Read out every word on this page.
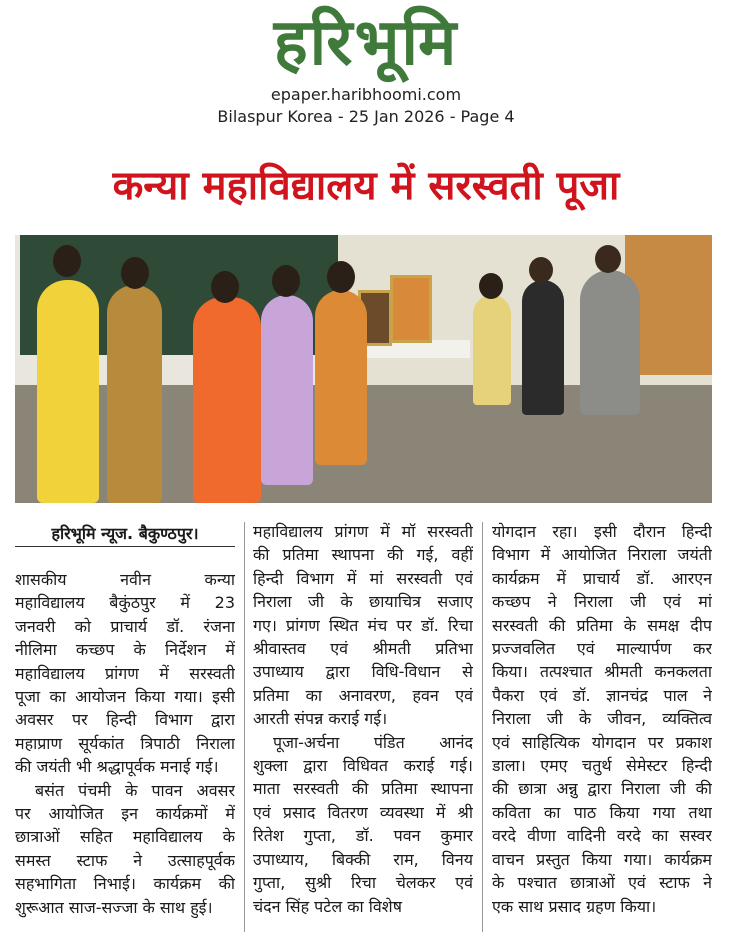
हरिभूमि
epaper.haribhoomi.com
Bilaspur Korea - 25 Jan 2026 - Page 4
कन्या महाविद्यालय में सरस्वती पूजा
हरिभूमि न्यूज. बैकुण्ठपुर।
शासकीय नवीन कन्या
महाविद्यालय बैकुंठपुर में 23
जनवरी को प्राचार्य डॉ. रंजना
नीलिमा कच्छप के निर्देशन में
महाविद्यालय प्रांगण में सरस्वती
पूजा का आयोजन किया गया। इसी
अवसर पर हिन्दी विभाग द्वारा
महाप्राण सूर्यकांत त्रिपाठी निराला
की जयंती भी श्रद्धापूर्वक मनाई गई।
बसंत पंचमी के पावन अवसर
पर आयोजित इन कार्यक्रमों में
छात्राओं सहित महाविद्यालय के
समस्त स्टाफ ने उत्साहपूर्वक
सहभागिता निभाई। कार्यक्रम की
शुरूआत साज-सज्जा के साथ हुई।
महाविद्यालय प्रांगण में मॉ सरस्वती
की प्रतिमा स्थापना की गई, वहीं
हिन्दी विभाग में मां सरस्वती एवं
निराला जी के छायाचित्र सजाए
गए। प्रांगण स्थित मंच पर डॉ. रिचा
श्रीवास्तव एवं श्रीमती प्रतिभा
उपाध्याय द्वारा विधि-विधान से
प्रतिमा का अनावरण, हवन एवं
आरती संपन्न कराई गई।
पूजा-अर्चना पंडित आनंद
शुक्ला द्वारा विधिवत कराई गई।
माता सरस्वती की प्रतिमा स्थापना
एवं प्रसाद वितरण व्यवस्था में श्री
रितेश गुप्ता, डॉ. पवन कुमार
उपाध्याय, बिक्की राम, विनय
गुप्ता, सुश्री रिचा चेलकर एवं
चंदन सिंह पटेल का विशेष
योगदान रहा। इसी दौरान हिन्दी
विभाग में आयोजित निराला जयंती
कार्यक्रम में प्राचार्य डॉ. आरएन
कच्छप ने निराला जी एवं मां
सरस्वती की प्रतिमा के समक्ष दीप
प्रज्जवलित एवं माल्यार्पण कर
किया। तत्पश्चात श्रीमती कनकलता
पैकरा एवं डॉ. ज्ञानचंद्र पाल ने
निराला जी के जीवन, व्यक्तित्व
एवं साहित्यिक योगदान पर प्रकाश
डाला। एमए चतुर्थ सेमेस्टर हिन्दी
की छात्रा अन्नु द्वारा निराला जी की
कविता का पाठ किया गया तथा
वरदे वीणा वादिनी वरदे का सस्वर
वाचन प्रस्तुत किया गया। कार्यक्रम
के पश्चात छात्राओं एवं स्टाफ ने
एक साथ प्रसाद ग्रहण किया।
